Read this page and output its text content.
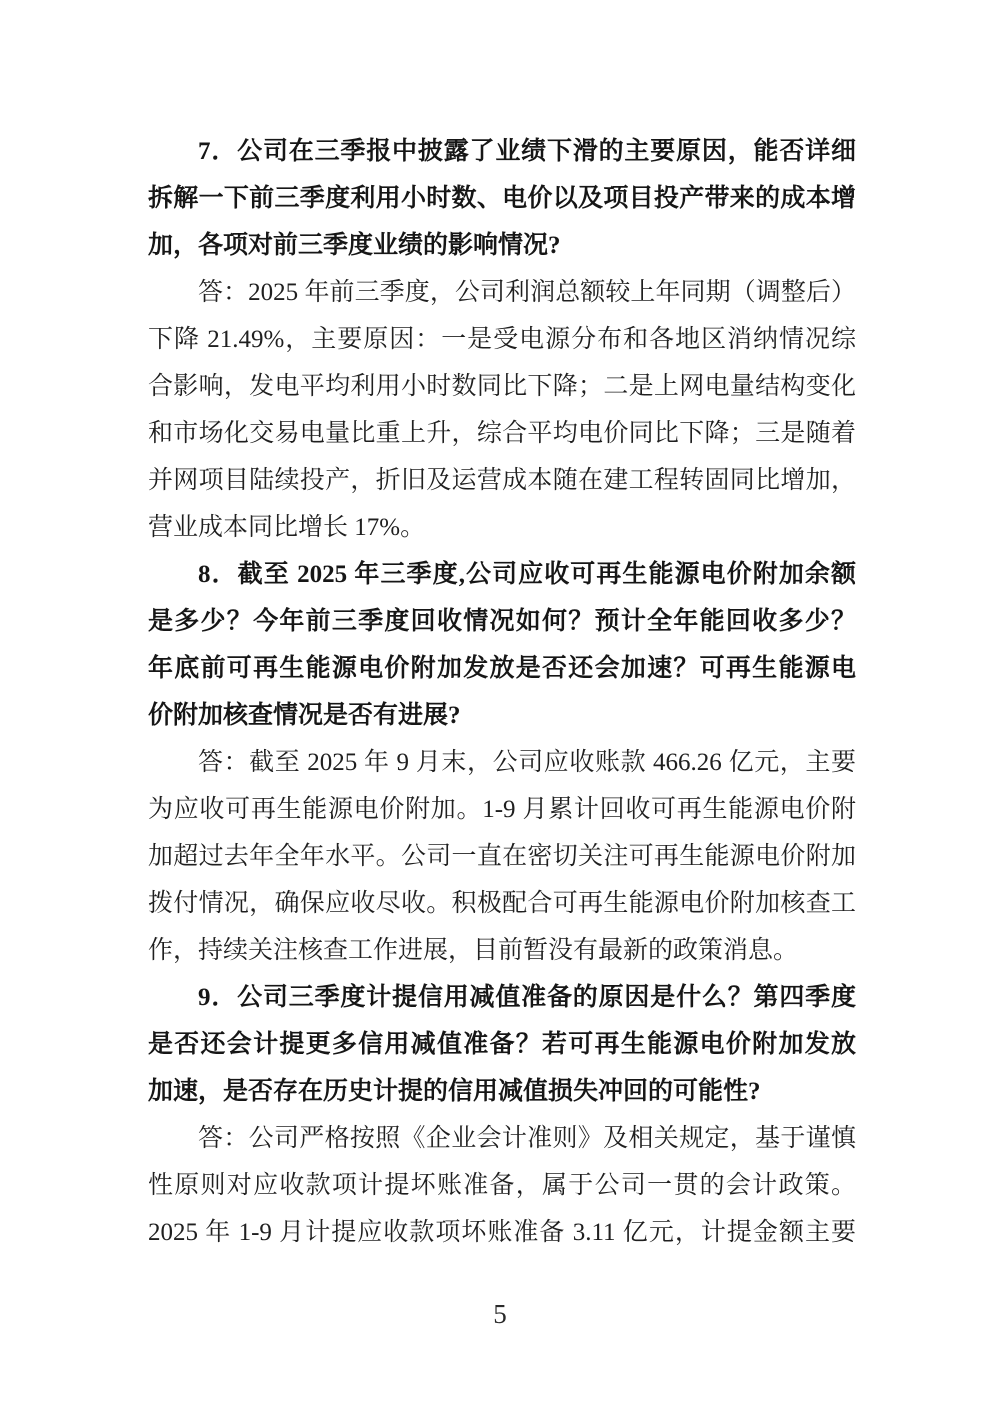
7．公司在三季报中披露了业绩下滑的主要原因，能否详细
拆解一下前三季度利用小时数、电价以及项目投产带来的成本增
加，各项对前三季度业绩的影响情况?

答：2025 年前三季度，公司利润总额较上年同期（调整后）
下降 21.49%，主要原因：一是受电源分布和各地区消纳情况综
合影响，发电平均利用小时数同比下降；二是上网电量结构变化
和市场化交易电量比重上升，综合平均电价同比下降；三是随着
并网项目陆续投产，折旧及运营成本随在建工程转固同比增加，
营业成本同比增长 17%。

8．截至 2025 年三季度,公司应收可再生能源电价附加余额
是多少？今年前三季度回收情况如何？预计全年能回收多少？
年底前可再生能源电价附加发放是否还会加速？可再生能源电
价附加核查情况是否有进展?

答：截至 2025 年 9 月末，公司应收账款 466.26 亿元，主要
为应收可再生能源电价附加。1-9 月累计回收可再生能源电价附
加超过去年全年水平。公司一直在密切关注可再生能源电价附加
拨付情况，确保应收尽收。积极配合可再生能源电价附加核查工
作，持续关注核查工作进展，目前暂没有最新的政策消息。

9．公司三季度计提信用减值准备的原因是什么？第四季度
是否还会计提更多信用减值准备？若可再生能源电价附加发放
加速，是否存在历史计提的信用减值损失冲回的可能性?

答：公司严格按照《企业会计准则》及相关规定，基于谨慎
性原则对应收款项计提坏账准备，属于公司一贯的会计政策。
2025 年 1-9 月计提应收款项坏账准备 3.11 亿元，计提金额主要

5
